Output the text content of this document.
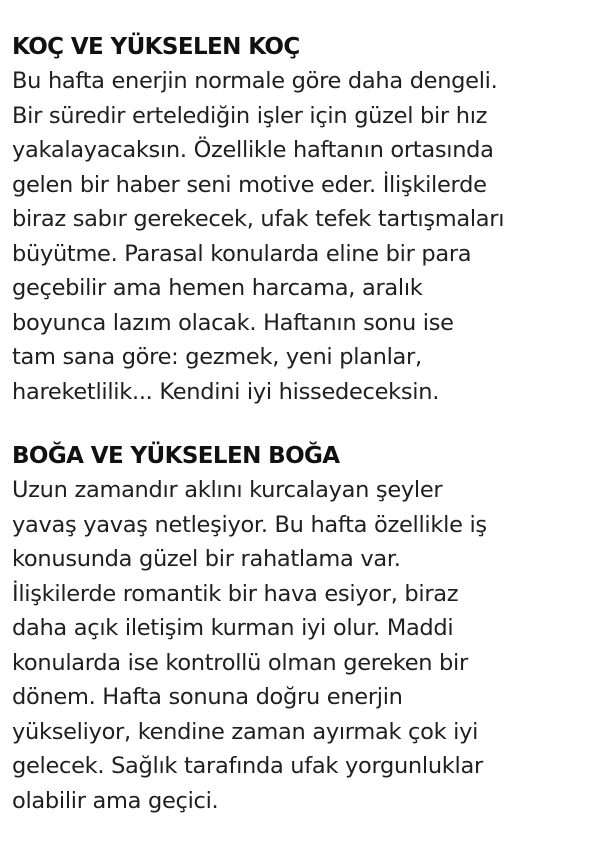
KOÇ VE YÜKSELEN KOÇ

Bu hafta enerjin normale göre daha dengeli.
Bir süredir ertelediğin işler için güzel bir hız
yakalayacaksın. Özellikle haftanın ortasında
gelen bir haber seni motive eder. İlişkilerde
biraz sabır gerekecek, ufak tefek tartışmaları
büyütme. Parasal konularda eline bir para
geçebilir ama hemen harcama, aralık
boyunca lazım olacak. Haftanın sonu ise
tam sana göre: gezmek, yeni planlar,
hareketlilik... Kendini iyi hissedeceksin.

BOĞA VE YÜKSELEN BOĞA

Uzun zamandır aklını kurcalayan şeyler
yavaş yavaş netleşiyor. Bu hafta özellikle iş
konusunda güzel bir rahatlama var.
İlişkilerde romantik bir hava esiyor, biraz
daha açık iletişim kurman iyi olur. Maddi
konularda ise kontrollü olman gereken bir
dönem. Hafta sonuna doğru enerjin
yükseliyor, kendine zaman ayırmak çok iyi
gelecek. Sağlık tarafında ufak yorgunluklar
olabilir ama geçici.
